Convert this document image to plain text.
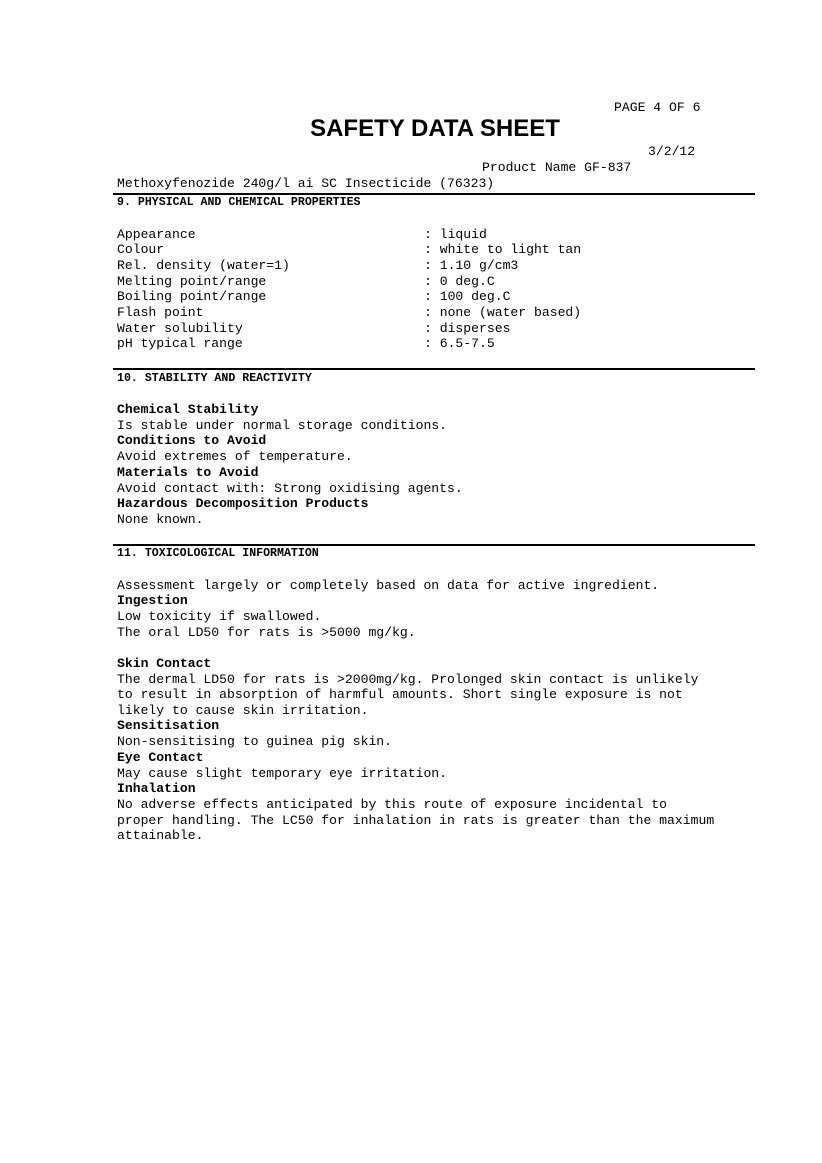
PAGE 4 OF 6
SAFETY DATA SHEET
3/2/12
Product Name GF-837
Methoxyfenozide 240g/l ai SC Insecticide (76323)
9. PHYSICAL AND CHEMICAL PROPERTIES
Appearance	: liquid
Colour	: white to light tan
Rel. density (water=1)	: 1.10 g/cm3
Melting point/range	: 0 deg.C
Boiling point/range	: 100 deg.C
Flash point	: none (water based)
Water solubility	: disperses
pH typical range	: 6.5-7.5
10. STABILITY AND REACTIVITY
Chemical Stability
Is stable under normal storage conditions.
Conditions to Avoid
Avoid extremes of temperature.
Materials to Avoid
Avoid contact with: Strong oxidising agents.
Hazardous Decomposition Products
None known.
11. TOXICOLOGICAL INFORMATION
Assessment largely or completely based on data for active ingredient.
Ingestion
Low toxicity if swallowed.
The oral LD50 for rats is >5000 mg/kg.
Skin Contact
The dermal LD50 for rats is >2000mg/kg. Prolonged skin contact is unlikely
to result in absorption of harmful amounts. Short single exposure is not
likely to cause skin irritation.
Sensitisation
Non-sensitising to guinea pig skin.
Eye Contact
May cause slight temporary eye irritation.
Inhalation
No adverse effects anticipated by this route of exposure incidental to
proper handling. The LC50 for inhalation in rats is greater than the maximum
attainable.
